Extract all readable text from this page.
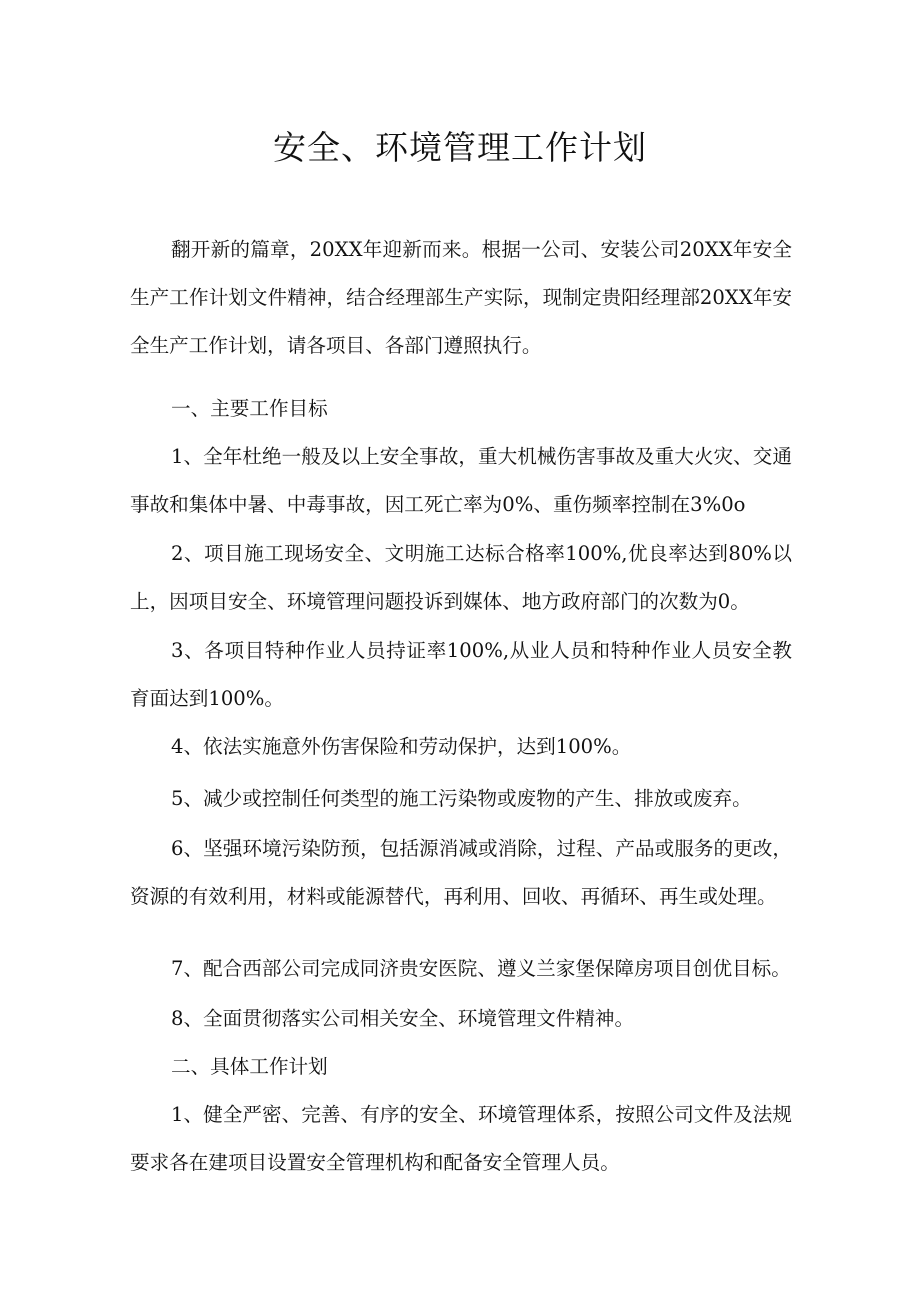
安全、环境管理工作计划

翻开新的篇章，20XX年迎新而来。根据一公司、安装公司20XX年安全生产工作计划文件精神，结合经理部生产实际，现制定贵阳经理部20XX年安全生产工作计划，请各项目、各部门遵照执行。

一、主要工作目标

1、全年杜绝一般及以上安全事故，重大机械伤害事故及重大火灾、交通事故和集体中暑、中毒事故，因工死亡率为0%、重伤频率控制在3%0o

2、项目施工现场安全、文明施工达标合格率100%,优良率达到80%以上，因项目安全、环境管理问题投诉到媒体、地方政府部门的次数为0。

3、各项目特种作业人员持证率100%,从业人员和特种作业人员安全教育面达到100%。

4、依法实施意外伤害保险和劳动保护，达到100%。

5、减少或控制任何类型的施工污染物或废物的产生、排放或废弃。

6、坚强环境污染防预，包括源消减或消除，过程、产品或服务的更改，资源的有效利用，材料或能源替代，再利用、回收、再循环、再生或处理。

7、配合西部公司完成同济贵安医院、遵义兰家堡保障房项目创优目标。

8、全面贯彻落实公司相关安全、环境管理文件精神。

二、具体工作计划

1、健全严密、完善、有序的安全、环境管理体系，按照公司文件及法规要求各在建项目设置安全管理机构和配备安全管理人员。
